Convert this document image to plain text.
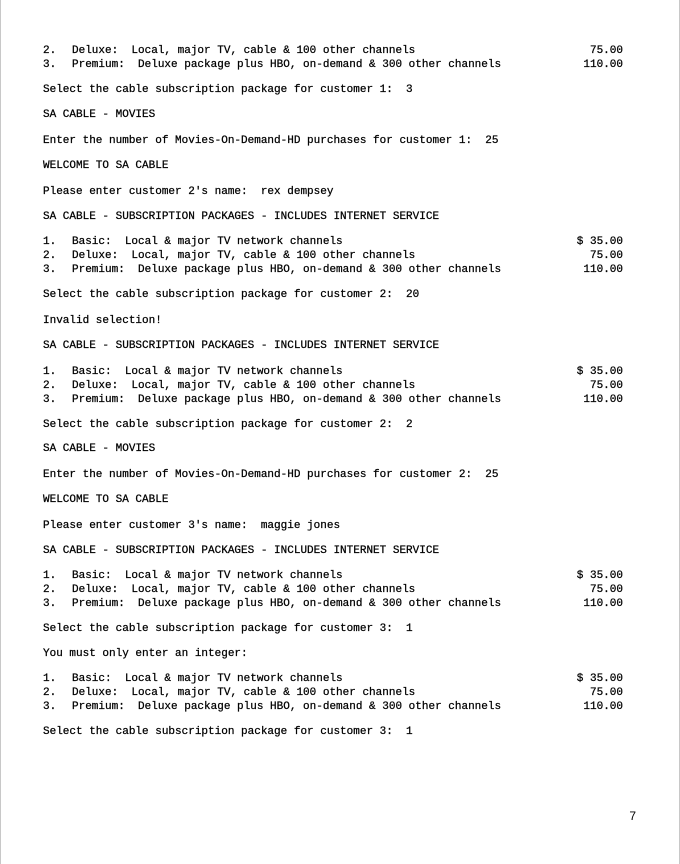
2.	Deluxe:	Local, major TV, cable & 100 other channels	75.00
3.	Premium:	Deluxe package plus HBO, on-demand & 300 other channels	110.00
Select the cable subscription package for customer 1:  3
SA CABLE - MOVIES
Enter the number of Movies-On-Demand-HD purchases for customer 1:  25
WELCOME TO SA CABLE
Please enter customer 2's name:  rex dempsey
SA CABLE - SUBSCRIPTION PACKAGES - INCLUDES INTERNET SERVICE
1.	Basic:	Local & major TV network channels	$ 35.00
2.	Deluxe:	Local, major TV, cable & 100 other channels	75.00
3.	Premium:	Deluxe package plus HBO, on-demand & 300 other channels	110.00
Select the cable subscription package for customer 2:  20
Invalid selection!
SA CABLE - SUBSCRIPTION PACKAGES - INCLUDES INTERNET SERVICE
1.	Basic:	Local & major TV network channels	$ 35.00
2.	Deluxe:	Local, major TV, cable & 100 other channels	75.00
3.	Premium:	Deluxe package plus HBO, on-demand & 300 other channels	110.00
Select the cable subscription package for customer 2:  2
SA CABLE - MOVIES
Enter the number of Movies-On-Demand-HD purchases for customer 2:  25
WELCOME TO SA CABLE
Please enter customer 3's name:  maggie jones
SA CABLE - SUBSCRIPTION PACKAGES - INCLUDES INTERNET SERVICE
1.	Basic:	Local & major TV network channels	$ 35.00
2.	Deluxe:	Local, major TV, cable & 100 other channels	75.00
3.	Premium:	Deluxe package plus HBO, on-demand & 300 other channels	110.00
Select the cable subscription package for customer 3:  1
You must only enter an integer:
1.	Basic:	Local & major TV network channels	$ 35.00
2.	Deluxe:	Local, major TV, cable & 100 other channels	75.00
3.	Premium:	Deluxe package plus HBO, on-demand & 300 other channels	110.00
Select the cable subscription package for customer 3:  1
7
